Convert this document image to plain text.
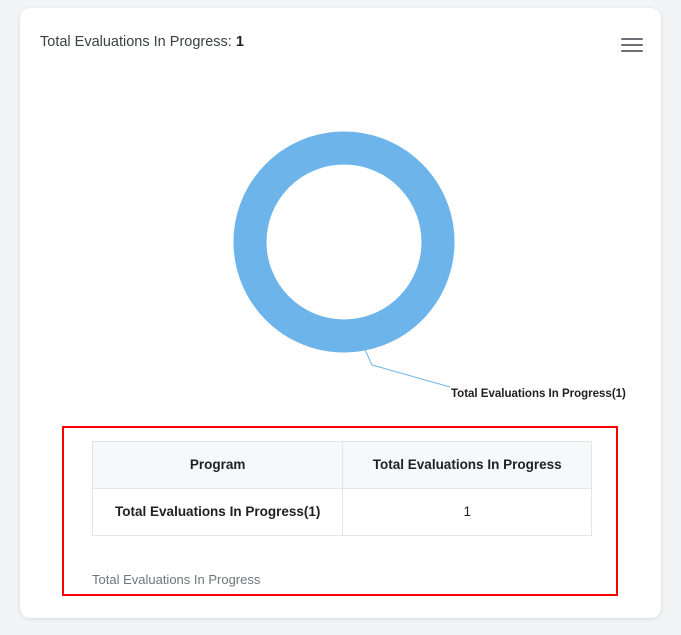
Total Evaluations In Progress: 1
Total Evaluations In Progress(1)
Program	Total Evaluations In Progress
Total Evaluations In Progress(1)	1
Total Evaluations In Progress
